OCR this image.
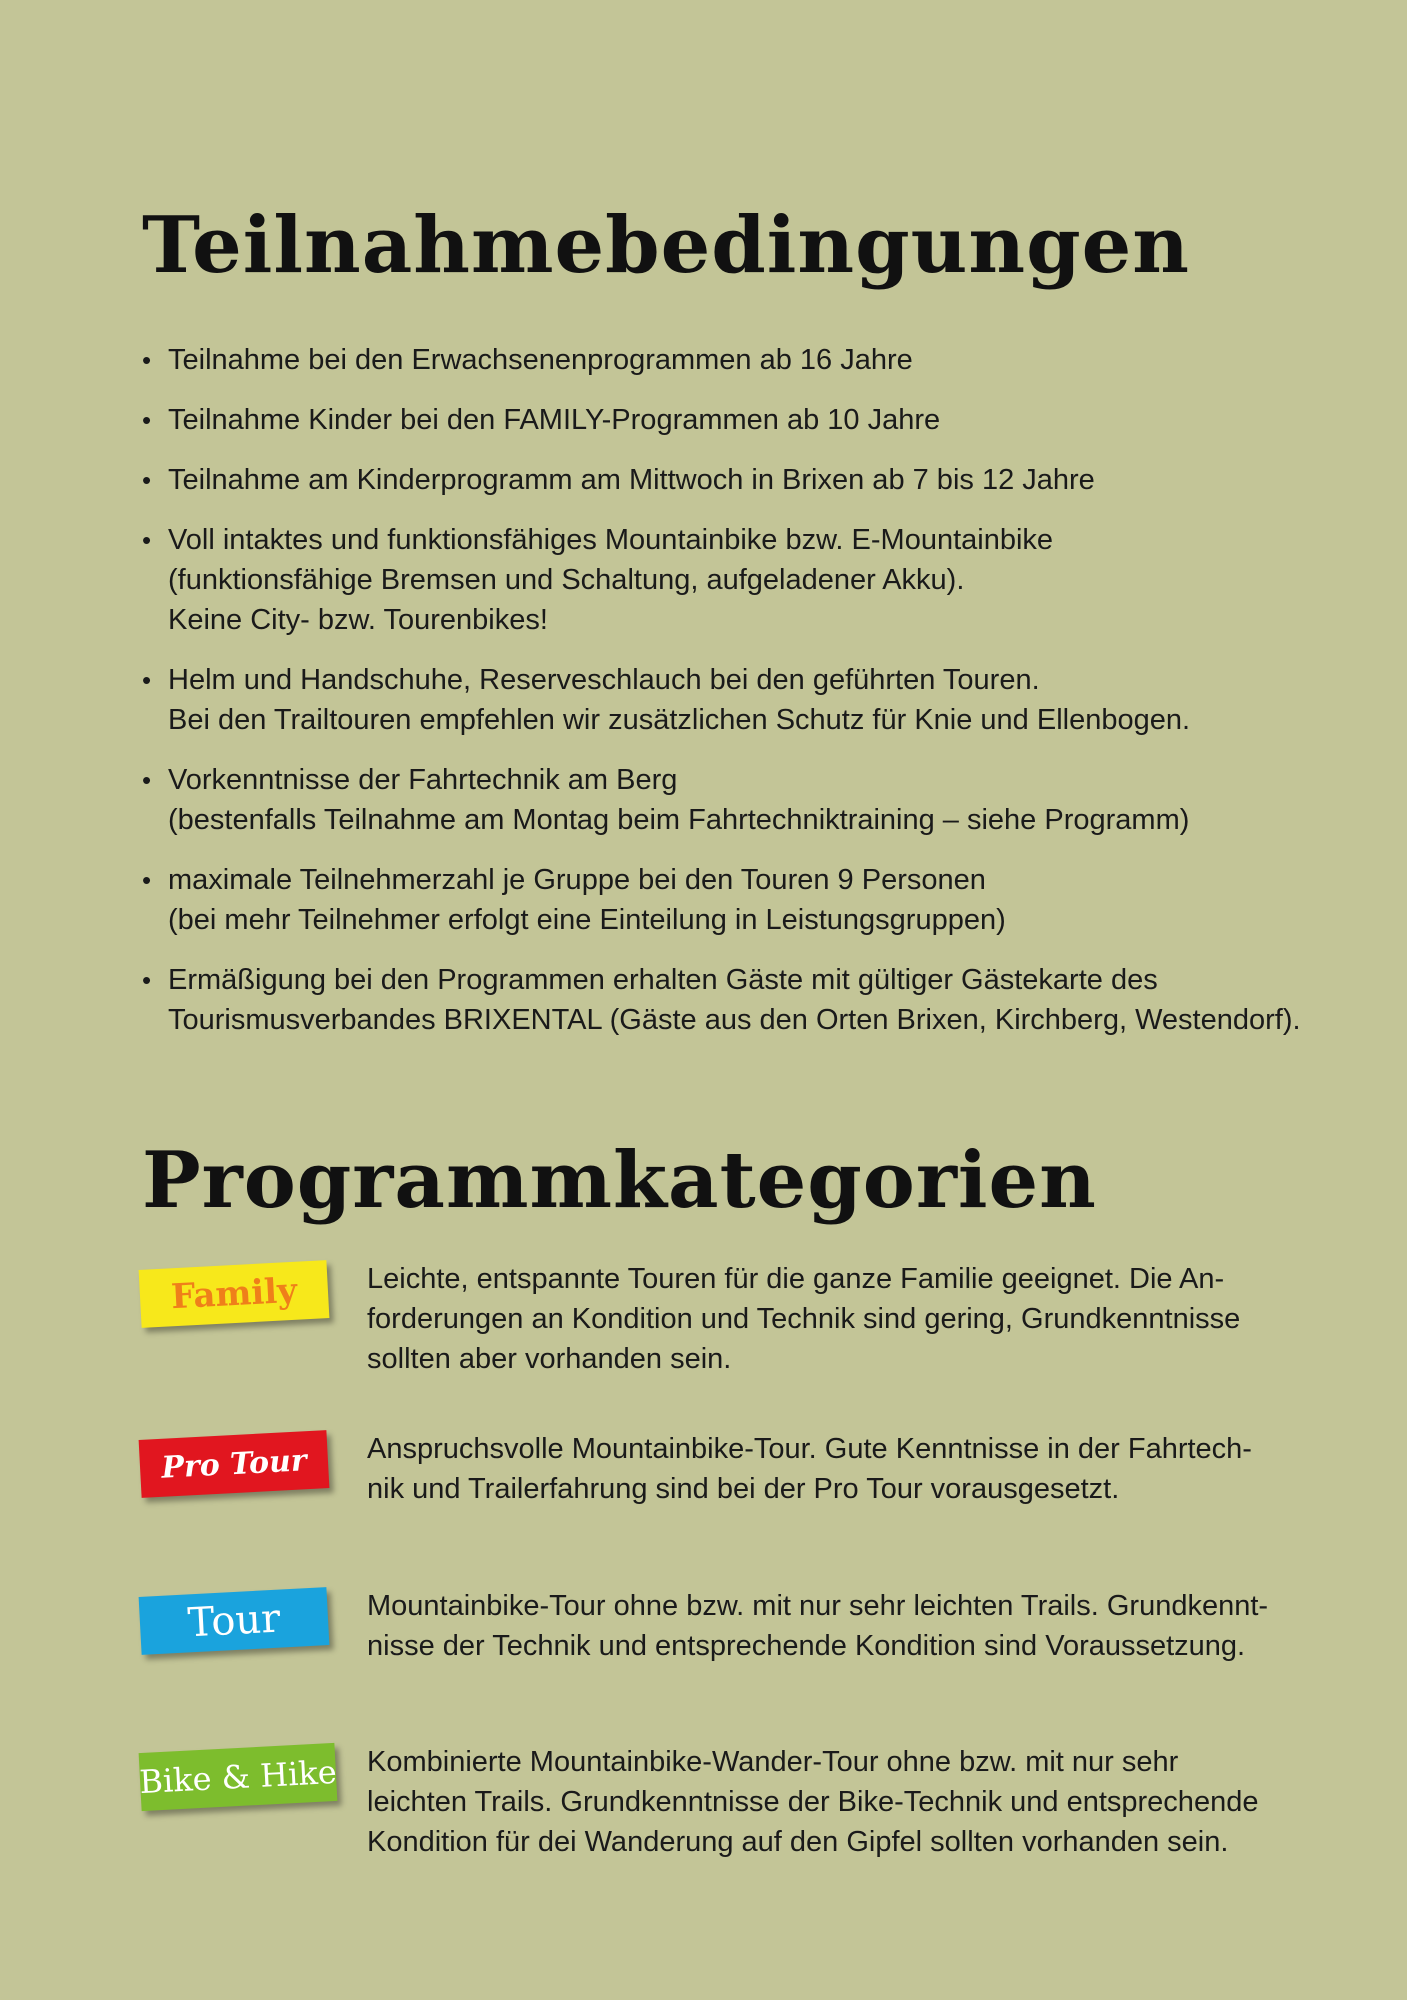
Teilnahmebedingungen
• Teilnahme bei den Erwachsenenprogrammen ab 16 Jahre
• Teilnahme Kinder bei den FAMILY-Programmen ab 10 Jahre
• Teilnahme am Kinderprogramm am Mittwoch in Brixen ab 7 bis 12 Jahre
• Voll intaktes und funktionsfähiges Mountainbike bzw. E-Mountainbike
(funktionsfähige Bremsen und Schaltung, aufgeladener Akku).
Keine City- bzw. Tourenbikes!
• Helm und Handschuhe, Reserveschlauch bei den geführten Touren.
Bei den Trailtouren empfehlen wir zusätzlichen Schutz für Knie und Ellenbogen.
• Vorkenntnisse der Fahrtechnik am Berg
(bestenfalls Teilnahme am Montag beim Fahrtechniktraining – siehe Programm)
• maximale Teilnehmerzahl je Gruppe bei den Touren 9 Personen
(bei mehr Teilnehmer erfolgt eine Einteilung in Leistungsgruppen)
• Ermäßigung bei den Programmen erhalten Gäste mit gültiger Gästekarte des
Tourismusverbandes BRIXENTAL (Gäste aus den Orten Brixen, Kirchberg, Westendorf).
Programmkategorien
Family	Leichte, entspannte Touren für die ganze Familie geeignet. Die An-
forderungen an Kondition und Technik sind gering, Grundkenntnisse
sollten aber vorhanden sein.
Pro Tour	Anspruchsvolle Mountainbike-Tour. Gute Kenntnisse in der Fahrtech-
nik und Trailerfahrung sind bei der Pro Tour vorausgesetzt.
Tour	Mountainbike-Tour ohne bzw. mit nur sehr leichten Trails. Grundkennt-
nisse der Technik und entsprechende Kondition sind Voraussetzung.
Bike & Hike Kombinierte Mountainbike-Wander-Tour ohne bzw. mit nur sehr
leichten Trails. Grundkenntnisse der Bike-Technik und entsprechende
Kondition für dei Wanderung auf den Gipfel sollten vorhanden sein.
